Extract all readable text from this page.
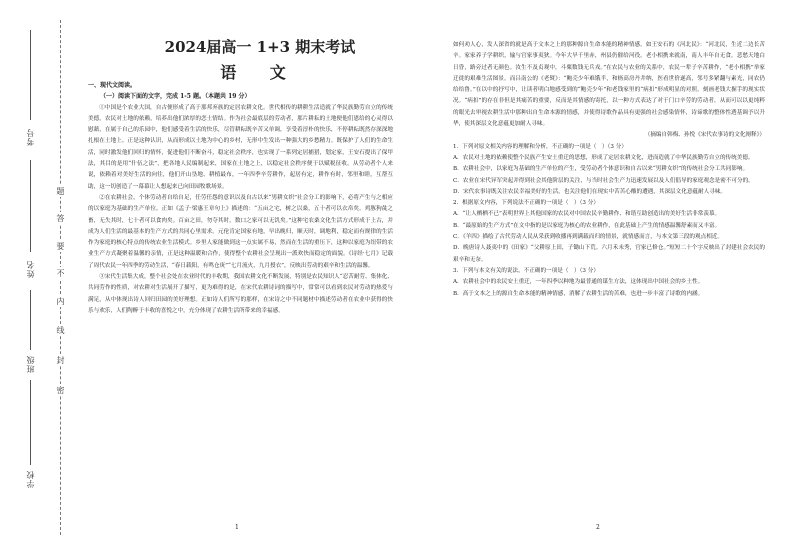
考号
姓名
班级
学校
题
答
要
不
内
线
封
密
2024届高一 1+3 期末考试
语 文

一、现代文阅读。

（一）阅读下面的文字，完成 1-5 题。（本题共 19 分）

①中国是个农业大国，自古便形成了高于那邦弃族的定居农耕文化。世代相传的耕耕生活造就了华民族勤劳自立的传统美德。农民对土地的依赖，培养出他们浓厚的恋土情结。作为社会最底层的劳动者，那片耕耘的土地便他们恩给的心灵得以慰藉，在属于自己的乐园中，他们感受着生活的快乐，尽管耕耘既辛苦又单调，享受着淳朴的快乐，不停耕耘既然存深深地扎根在土地上。正是这种认识，从而形成以土地为中心的乡村，无形中生发出一种强大的乡愁精力。既保护了人们的生命生活，同时激发他们回归的情怀，促进他们不断奋斗，稳定社会秩序，也实现了一系列定居捕猎，划定家，王安石提出了保甲法，其目的是用“什伍之法”，把各地人民编制起来，国家在土地之上，以稳定社会秩序便于以赋税征收。从劳动者个人来说，依赖着对美好生活的向往，他们开山垦地、耕植最布，一年四季辛劳耕作，起居有定，耕作有时，邻里和睦，互帮互助，这一切创造了一幕幕让人想起来已向田园牧歌场景。

②在农耕社会，个体劳动者自给自足，任劳任怨的意识以及自古以来“男耕女织”社会分工的影响下，必将产生与之相应的以家庭为基础的生产单位。正如《孟子·梁惠王章句上》描述的：“五亩之宅，树之以桑，五十者可以衣帛矣。鸡豚狗彘之畜，无失其时，七十者可以食肉矣。百亩之田，勿夺其时，数口之家可以无饥矣。”这种宅农桑文化生活方式形成于上古，并成为人们生活的最基本的生产方式的共同心里需求。元伦肯定国家有地，早出晚归，顺天时，调地利，稳定而有规律的生活作为家庭的核心特点的传统农业生活模式。乡里人家能做到这一点实属不易，然而在生活的重压下，这种以家庭为纽带的农业生产方式凝聚着温馨的亲情，正是这种温暖和合作，使得整个农耕社会呈现出一派欢快而稳定的面貌。《诗经·七月》记载了周代农民一年四季的劳动生活，“春日载阳，有鸣仓庚”“七月流火，九月授衣”，反映出劳动的艰辛和生活的温馨。

③宋代生活集大成，整个社会处在农业时代的丰收期，我国农耕文化不断发展，特别是农民知识人“忍苦耐劳、集体化、共同劳作的性质，对农耕对生活展开了描写，更为难得的是，在宋代农耕诗词的描写中，常常可以看到农民对劳动的热爱与满足，从中体现出诗人回归田园的美好理想。正如诗人们所写的那样，在宋诗之中不同题材中描述劳动者在农业中获得的快乐与欢乐，人们陶醉于丰收的喜悦之中，充分体现了农耕生活所带来的幸福感。

1

如何劝人心，发人深省的就是高于文本之上的那种源自生命本能的精神情感。如王安石的《河北民》：“河北民，生近二边长苦辛。家家养子学耕织，输与官家事夷狄。今年大旱千里赤，州县仍催给河役。老小相携来就南，南人丰年自无食。悲愁天地白日昏，路旁过者无颜色。汝生不及贞观中，斗粟数钱无兵戎。”在农民与农业的关系中，农民一辈子辛苦耕作，“老小相携”举家迁徙的艰难生活图景。而吕南公的《老熨》：“鲍壳少年难饿半，和枥高房丹井纳，医看世价遂高，邻号多紧翻与素光，同农仍给给鲁。”在以中的抒写中，让读者明白地感受到的“鲍壳少年”和老钱家里的“病扣”形成明显的对照，刻画老钱大握手的现实状况。“病扣”的存在非但是其痛苦的重要，反而是其情感的寄托，以一种方式表达了对于门口辛劳的劳动者，从而可以以更纯粹的眼光去审视农耕生活中那种出自生命本源的情感，并使得诗歌作品具有更强的社会感染情怀，诗谛歌的整体性透基调予以升华，使其深层文化意蕴更加耐人寻味。

（摘编自韩梅、孙悦《宋代农事诗的文化阐释》）

1．下列对原文相关内容的理解和分析，不正确的一项是（　）（3 分）

A．农民对土地的依赖使整个民族产生安土重迁的思想，形成了定居农耕文化，进而造就了中华民族勤劳自立的传统美德。

B．农耕社会中，以家庭为基础的生产单位的产生，受劳动者个体意识和自古以来“男耕女织”的传统社会分工共同影响。

C．农业在宋代异军突起并得到社会其他阶层的关注，与当时社会生产力迅速发展以及人们倡导的家庭观念是密不可分的。

D．宋代农事诗既关注农民幸福美好的生活，也关注他们在现实中苦苦心酸的遭遇，其深层文化意蕴耐人寻味。

2．根据原文内容，下列说法不正确的一项是（　）（3 分）

A．“让人栖栖不已”表明世界上其他国家的农民对中国农民辛勤耕作、和谐互助创造出的美好生活非常羡慕。

B．“最原始的生产方式”在文中指的是以家庭为核心的农业耕作，在此基础上产生的情感温馨舒素而又丰富。

C．《羊四》描绘了古代劳动人民从采获到收播再到满载而归的情景，就情感而言，与本文第三段的观点相近。

D．晚唐诗人聂夷中的《田家》“父耕原上田，子锄山下荒。六月禾未秀，官家已修仓。”短短二十个字反映出了封建社会农民的艰辛和无奈。

3．下列与本文有关的说法，不正确的一项是（　）（3 分）

A．农耕社会中的农民安土重迁，一年四季以种地为最普通的谋生方法，这体现出中国社会的乡土性。

B．高于文本之上的源自生命本能的精神情感，消解了农耕生活的苦难，也进一步丰富了诗歌的内涵。

2
